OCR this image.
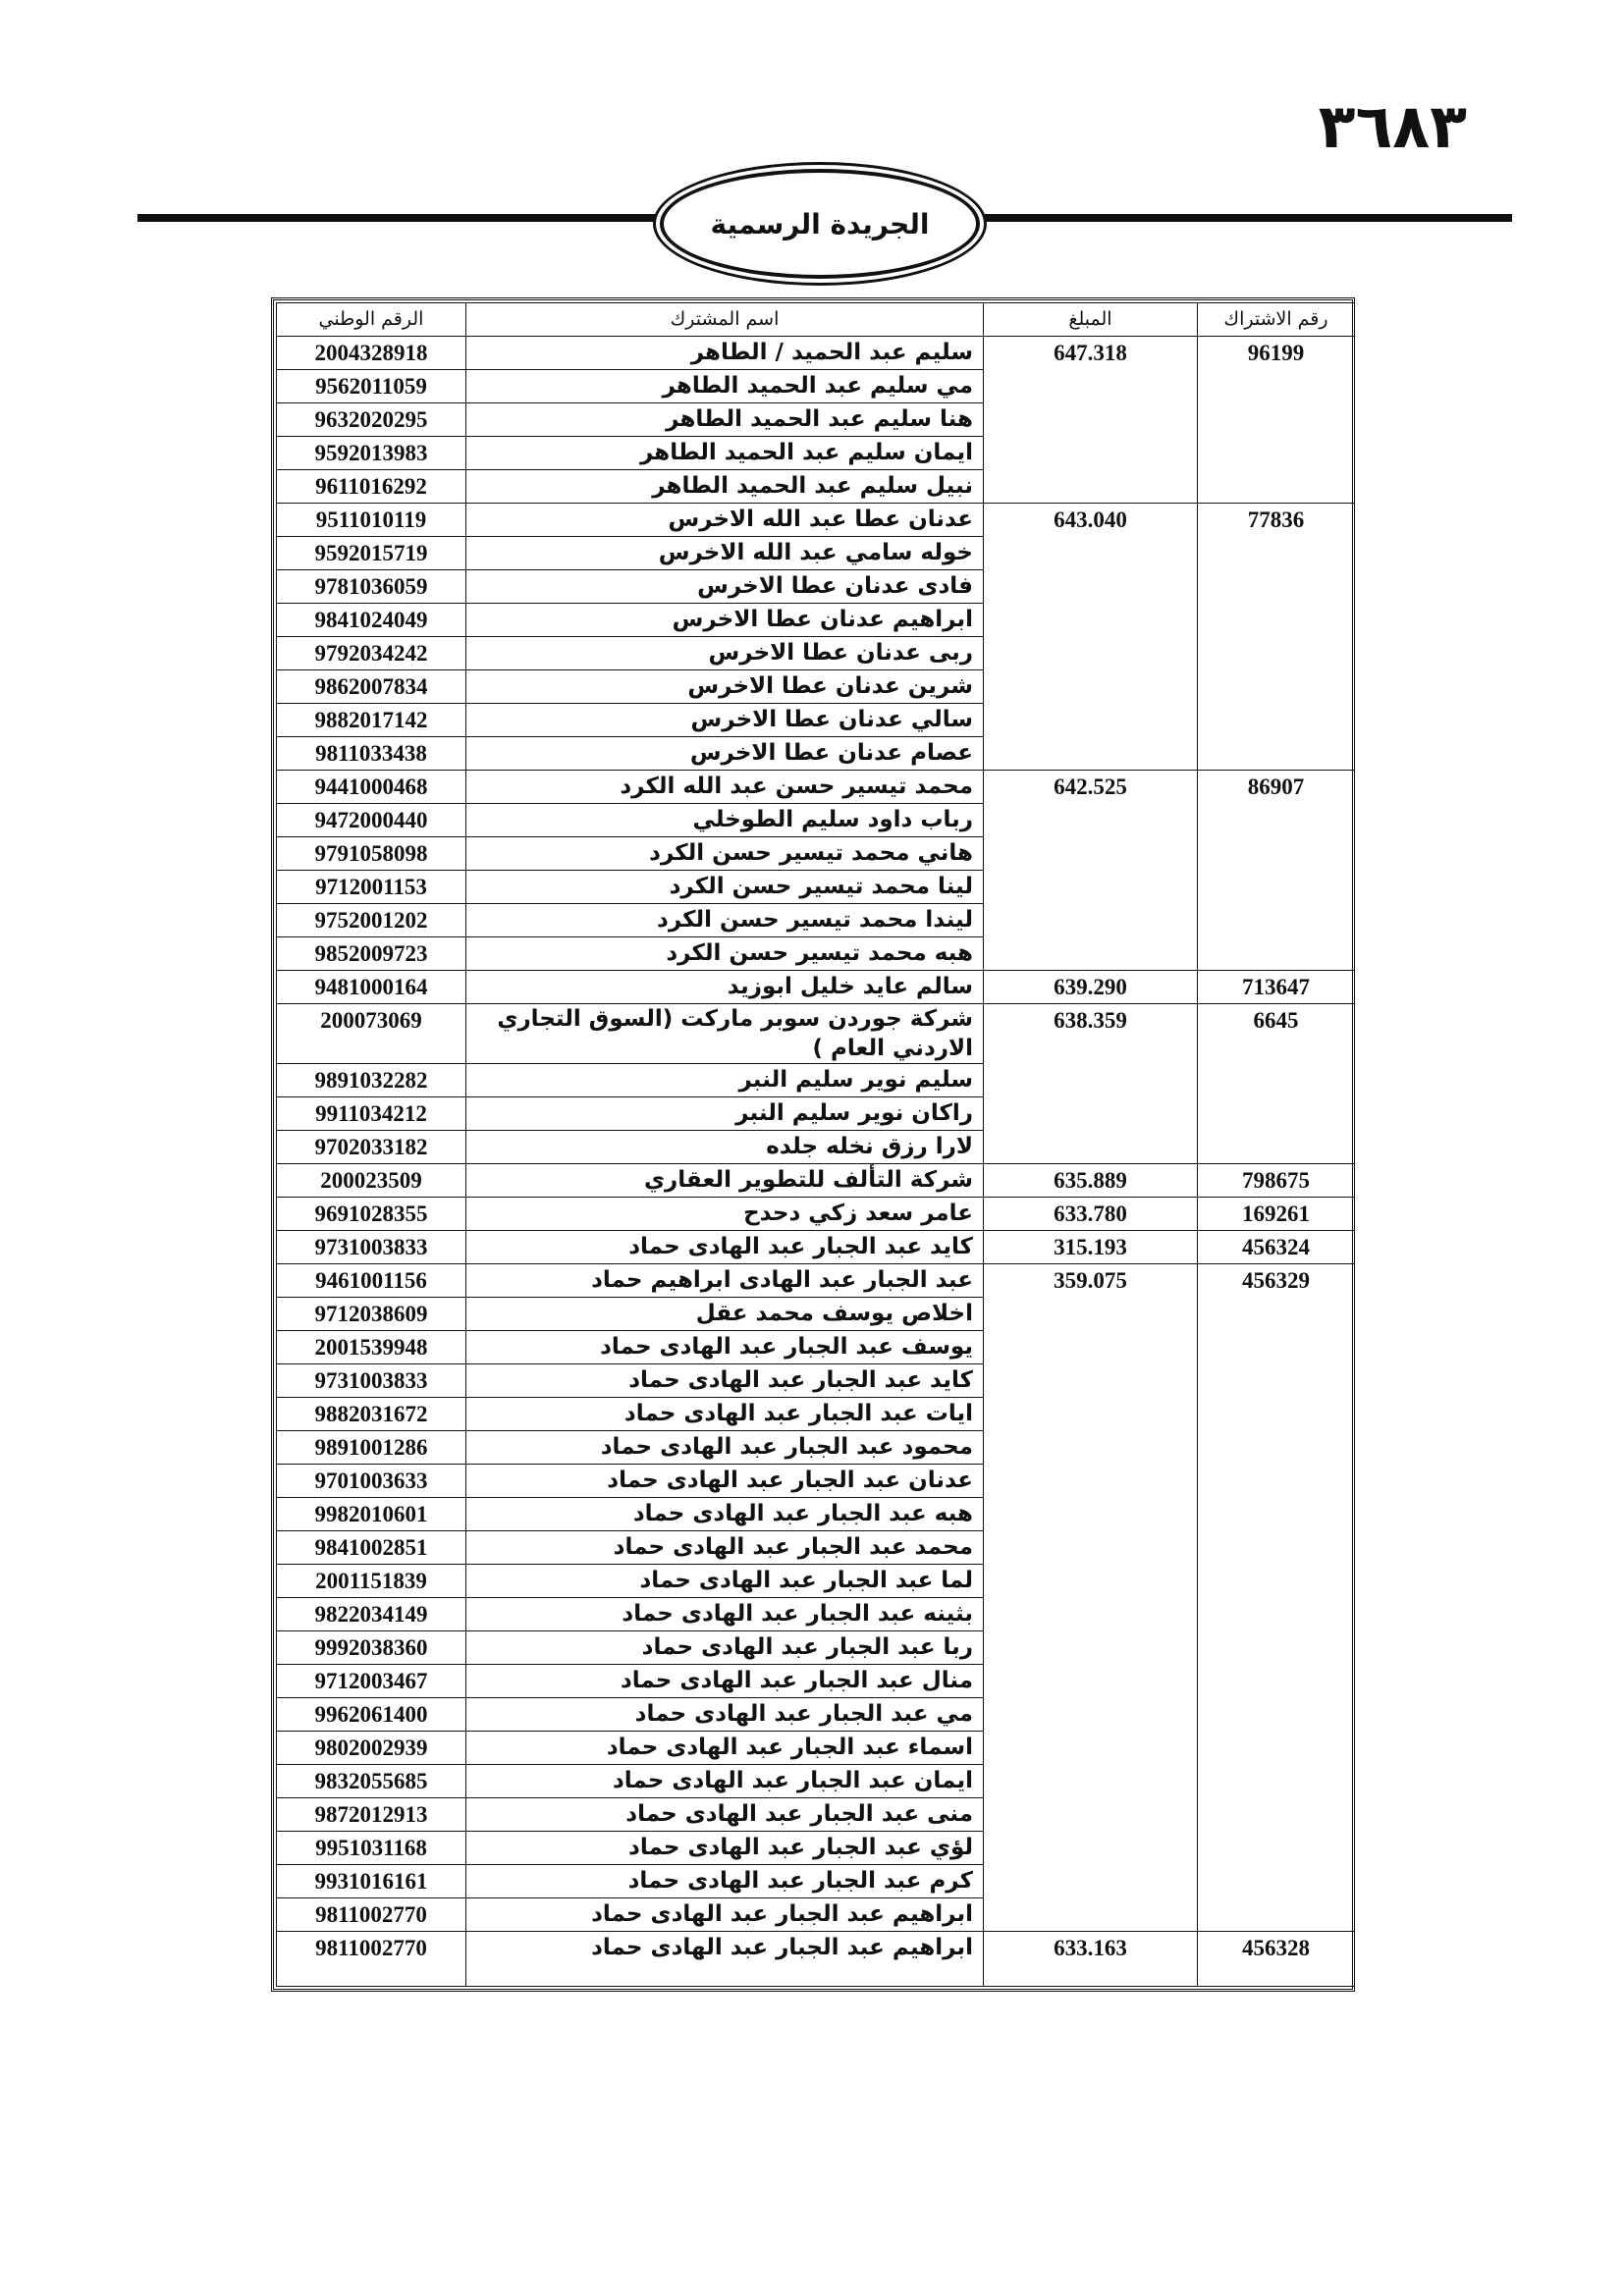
٣٦٨٣
الجريدة الرسمية
رقم الاشتراك	المبلغ	اسم المشترك	الرقم الوطني
96199	647.318	سليم عبد الحميد / الطاهر	2004328918
		مي سليم عبد الحميد الطاهر	9562011059
		هنا سليم عبد الحميد الطاهر	9632020295
		ايمان سليم عبد الحميد الطاهر	9592013983
		نبيل سليم عبد الحميد الطاهر	9611016292
77836	643.040	عدنان عطا عبد الله الاخرس	9511010119
		خوله سامي عبد الله الاخرس	9592015719
		فادى عدنان عطا الاخرس	9781036059
		ابراهيم عدنان عطا الاخرس	9841024049
		ربى عدنان عطا الاخرس	9792034242
		شرين عدنان عطا الاخرس	9862007834
		سالي عدنان عطا الاخرس	9882017142
		عصام عدنان عطا الاخرس	9811033438
86907	642.525	محمد تيسير حسن عبد الله الكرد	9441000468
		رباب داود سليم الطوخلي	9472000440
		هاني محمد تيسير حسن الكرد	9791058098
		لينا محمد تيسير حسن الكرد	9712001153
		ليندا محمد تيسير حسن الكرد	9752001202
		هبه محمد تيسير حسن الكرد	9852009723
713647	639.290	سالم عايد خليل ابوزيد	9481000164
6645	638.359	شركة جوردن سوبر ماركت (السوق التجاري الاردني العام )	200073069
		سليم نوير سليم النبر	9891032282
		راكان نوير سليم النبر	9911034212
		لارا رزق نخله جلده	9702033182
798675	635.889	شركة التألف للتطوير العقاري	200023509
169261	633.780	عامر سعد زكي دحدح	9691028355
456324	315.193	كايد عبد الجبار عبد الهادى حماد	9731003833
456329	359.075	عبد الجبار عبد الهادى ابراهيم حماد	9461001156
		اخلاص يوسف محمد عقل	9712038609
		يوسف عبد الجبار عبد الهادى حماد	2001539948
		كايد عبد الجبار عبد الهادى حماد	9731003833
		ايات عبد الجبار عبد الهادى حماد	9882031672
		محمود عبد الجبار عبد الهادى حماد	9891001286
		عدنان عبد الجبار عبد الهادى حماد	9701003633
		هبه عبد الجبار عبد الهادى حماد	9982010601
		محمد عبد الجبار عبد الهادى حماد	9841002851
		لما عبد الجبار عبد الهادى حماد	2001151839
		بثينه عبد الجبار عبد الهادى حماد	9822034149
		ربا عبد الجبار عبد الهادى حماد	9992038360
		منال عبد الجبار عبد الهادى حماد	9712003467
		مي عبد الجبار عبد الهادى حماد	9962061400
		اسماء عبد الجبار عبد الهادى حماد	9802002939
		ايمان عبد الجبار عبد الهادى حماد	9832055685
		منى عبد الجبار عبد الهادى حماد	9872012913
		لؤي عبد الجبار عبد الهادى حماد	9951031168
		كرم عبد الجبار عبد الهادى حماد	9931016161
		ابراهيم عبد الجبار عبد الهادى حماد	9811002770
456328	633.163	ابراهيم عبد الجبار عبد الهادى حماد	9811002770
